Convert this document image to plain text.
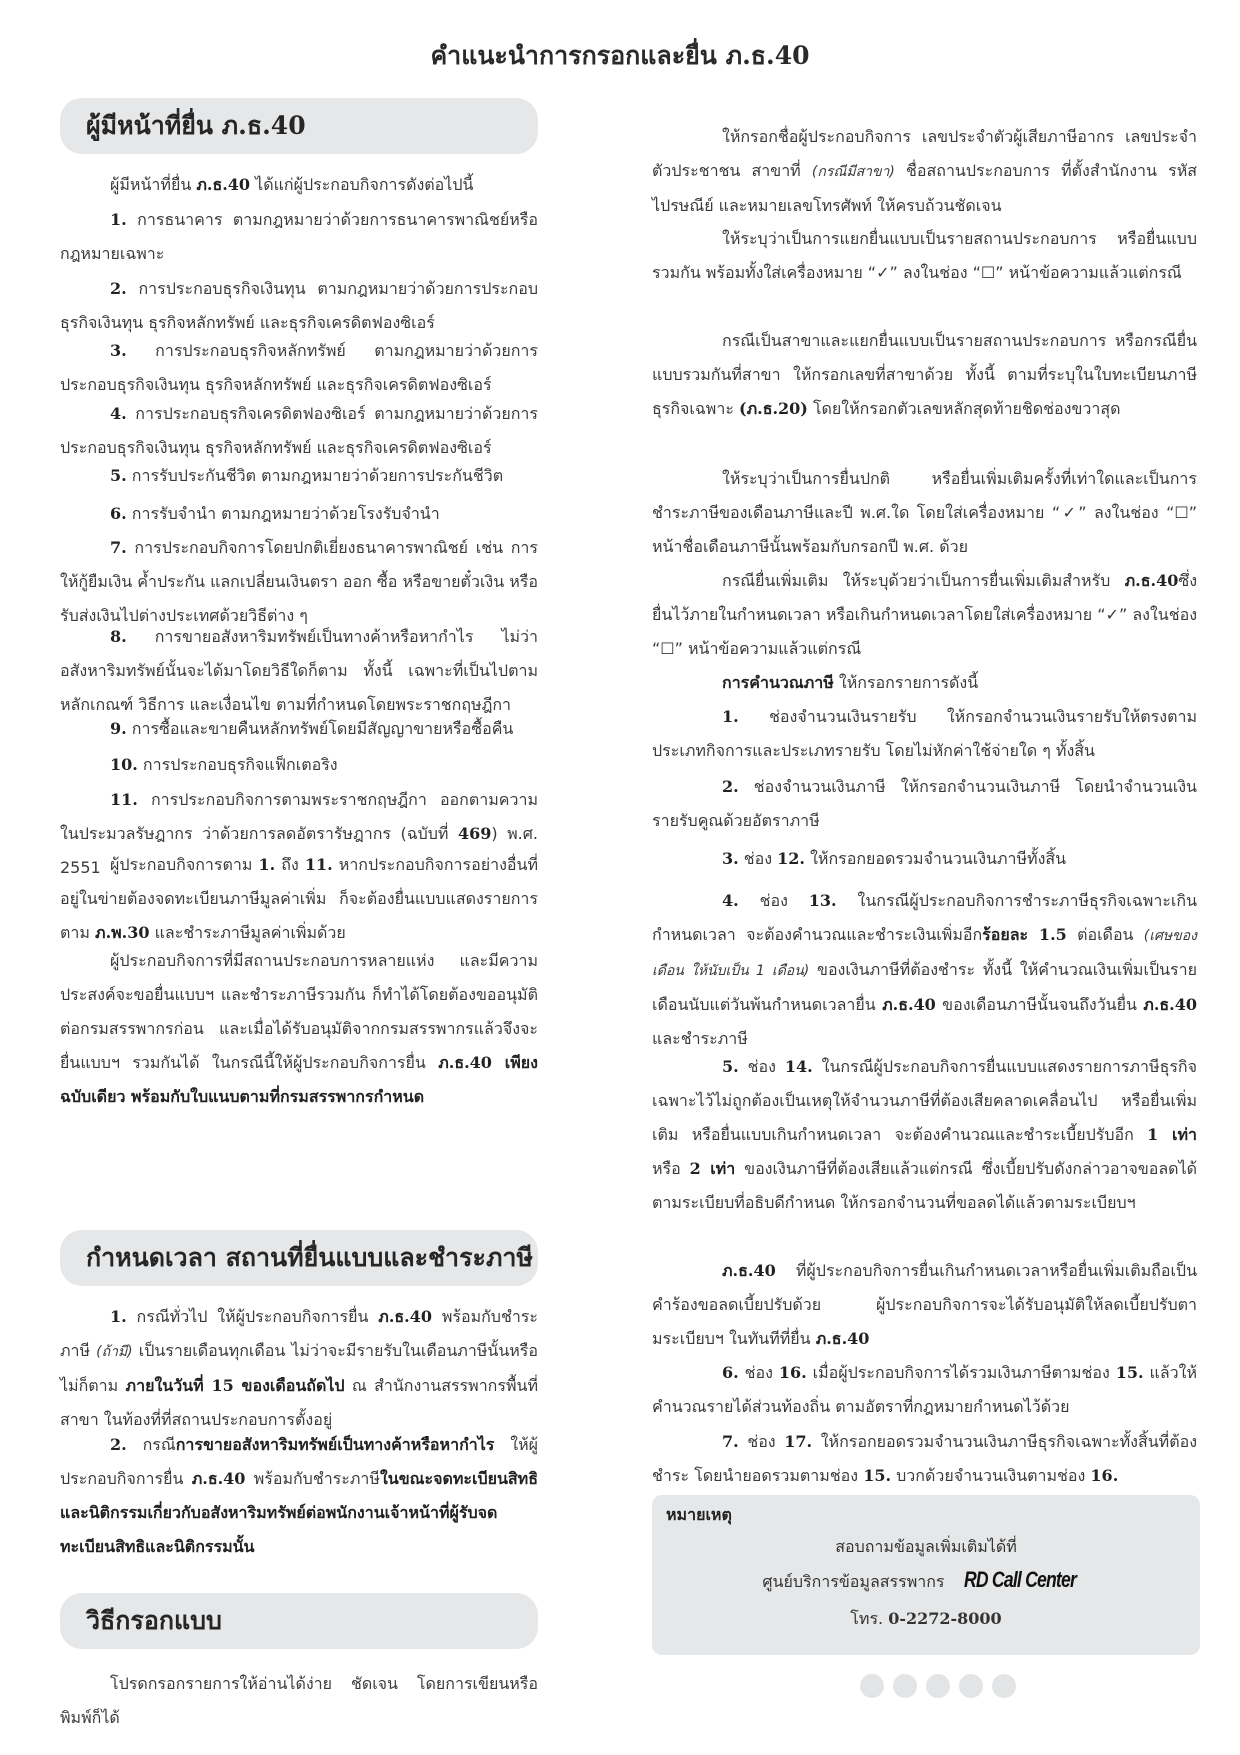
คำแนะนำการกรอกและยื่น ภ.ธ.40
ผู้มีหน้าที่ยื่น ภ.ธ.40

ผู้มีหน้าที่ยื่น ภ.ธ.40 ได้แก่ผู้ประกอบกิจการดังต่อไปนี้

1. การธนาคาร ตามกฎหมายว่าด้วยการธนาคารพาณิชย์หรือกฎหมายเฉพาะ

2. การประกอบธุรกิจเงินทุน ตามกฎหมายว่าด้วยการประกอบธุรกิจเงินทุน ธุรกิจหลักทรัพย์ และธุรกิจเครดิตฟองซิเอร์

3. การประกอบธุรกิจหลักทรัพย์ ตามกฎหมายว่าด้วยการประกอบธุรกิจเงินทุน ธุรกิจหลักทรัพย์ และธุรกิจเครดิตฟองซิเอร์

4. การประกอบธุรกิจเครดิตฟองซิเอร์ ตามกฎหมายว่าด้วยการประกอบธุรกิจเงินทุน ธุรกิจหลักทรัพย์ และธุรกิจเครดิตฟองซิเอร์

5. การรับประกันชีวิต ตามกฎหมายว่าด้วยการประกันชีวิต

6. การรับจำนำ ตามกฎหมายว่าด้วยโรงรับจำนำ

7. การประกอบกิจการโดยปกติเยี่ยงธนาคารพาณิชย์ เช่น การให้กู้ยืมเงิน ค้ำประกัน แลกเปลี่ยนเงินตรา ออก ซื้อ หรือขายตั๋วเงิน หรือรับส่งเงินไปต่างประเทศด้วยวิธีต่าง ๆ

8. การขายอสังหาริมทรัพย์เป็นทางค้าหรือหากำไร ไม่ว่าอสังหาริมทรัพย์นั้นจะได้มาโดยวิธีใดก็ตาม ทั้งนี้ เฉพาะที่เป็นไปตามหลักเกณฑ์ วิธีการ และเงื่อนไข ตามที่กำหนดโดยพระราชกฤษฎีกา

9. การซื้อและขายคืนหลักทรัพย์โดยมีสัญญาขายหรือซื้อคืน

10. การประกอบธุรกิจแฟ็กเตอริง

11. การประกอบกิจการตามพระราชกฤษฎีกา ออกตามความในประมวลรัษฎากร ว่าด้วยการลดอัตรารัษฎากร (ฉบับที่ 469) พ.ศ. 2551 ผู้ประกอบกิจการตาม 1. ถึง 11. หากประกอบกิจการอย่างอื่นที่อยู่ในข่ายต้องจดทะเบียนภาษีมูลค่าเพิ่ม ก็จะต้องยื่นแบบแสดงรายการตาม ภ.พ.30 และชำระภาษีมูลค่าเพิ่มด้วย

ผู้ประกอบกิจการที่มีสถานประกอบการหลายแห่ง และมีความประสงค์จะขอยื่นแบบฯ และชำระภาษีรวมกัน ก็ทำได้โดยต้องขออนุมัติต่อกรมสรรพากรก่อน และเมื่อได้รับอนุมัติจากกรมสรรพากรแล้วจึงจะยื่นแบบฯ รวมกันได้ ในกรณีนี้ให้ผู้ประกอบกิจการยื่น ภ.ธ.40 เพียงฉบับเดียว พร้อมกับใบแนบตามที่กรมสรรพากรกำหนด

กำหนดเวลา สถานที่ยื่นแบบและชำระภาษี

1. กรณีทั่วไป ให้ผู้ประกอบกิจการยื่น ภ.ธ.40 พร้อมกับชำระภาษี (ถ้ามี) เป็นรายเดือนทุกเดือน ไม่ว่าจะมีรายรับในเดือนภาษีนั้นหรือไม่ก็ตาม ภายในวันที่ 15 ของเดือนถัดไป ณ สำนักงานสรรพากรพื้นที่สาขา ในท้องที่ที่สถานประกอบการตั้งอยู่

2. กรณีการขายอสังหาริมทรัพย์เป็นทางค้าหรือหากำไร ให้ผู้ประกอบกิจการยื่น ภ.ธ.40 พร้อมกับชำระภาษีในขณะจดทะเบียนสิทธิและนิติกรรมเกี่ยวกับอสังหาริมทรัพย์ต่อพนักงานเจ้าหน้าที่ผู้รับจดทะเบียนสิทธิและนิติกรรมนั้น

วิธีกรอกแบบ

โปรดกรอกรายการให้อ่านได้ง่าย ชัดเจน โดยการเขียนหรือพิมพ์ก็ได้

ให้กรอกชื่อผู้ประกอบกิจการ เลขประจำตัวผู้เสียภาษีอากร เลขประจำตัวประชาชน สาขาที่ (กรณีมีสาขา) ชื่อสถานประกอบการ ที่ตั้งสำนักงาน รหัสไปรษณีย์ และหมายเลขโทรศัพท์ ให้ครบถ้วนชัดเจน

ให้ระบุว่าเป็นการแยกยื่นแบบเป็นรายสถานประกอบการ หรือยื่นแบบรวมกัน พร้อมทั้งใส่เครื่องหมาย “✓” ลงในช่อง “☐” หน้าข้อความแล้วแต่กรณี

กรณีเป็นสาขาและแยกยื่นแบบเป็นรายสถานประกอบการ หรือกรณียื่นแบบรวมกันที่สาขา ให้กรอกเลขที่สาขาด้วย ทั้งนี้ ตามที่ระบุในใบทะเบียนภาษีธุรกิจเฉพาะ (ภ.ธ.20) โดยให้กรอกตัวเลขหลักสุดท้ายชิดช่องขวาสุด

ให้ระบุว่าเป็นการยื่นปกติ หรือยื่นเพิ่มเติมครั้งที่เท่าใดและเป็นการชำระภาษีของเดือนภาษีและปี พ.ศ.ใด โดยใส่เครื่องหมาย “✓” ลงในช่อง “☐” หน้าชื่อเดือนภาษีนั้นพร้อมกับกรอกปี พ.ศ. ด้วย

กรณียื่นเพิ่มเติม ให้ระบุด้วยว่าเป็นการยื่นเพิ่มเติมสำหรับ ภ.ธ.40ซึ่งยื่นไว้ภายในกำหนดเวลา หรือเกินกำหนดเวลาโดยใส่เครื่องหมาย “✓” ลงในช่อง “☐” หน้าข้อความแล้วแต่กรณี

การคำนวณภาษี ให้กรอกรายการดังนี้

1. ช่องจำนวนเงินรายรับ ให้กรอกจำนวนเงินรายรับให้ตรงตามประเภทกิจการและประเภทรายรับ โดยไม่หักค่าใช้จ่ายใด ๆ ทั้งสิ้น

2. ช่องจำนวนเงินภาษี ให้กรอกจำนวนเงินภาษี โดยนำจำนวนเงินรายรับคูณด้วยอัตราภาษี

3. ช่อง 12. ให้กรอกยอดรวมจำนวนเงินภาษีทั้งสิ้น

4. ช่อง 13. ในกรณีผู้ประกอบกิจการชำระภาษีธุรกิจเฉพาะเกินกำหนดเวลา จะต้องคำนวณและชำระเงินเพิ่มอีกร้อยละ 1.5 ต่อเดือน (เศษของเดือน ให้นับเป็น 1 เดือน) ของเงินภาษีที่ต้องชำระ ทั้งนี้ ให้คำนวณเงินเพิ่มเป็นรายเดือนนับแต่วันพ้นกำหนดเวลายื่น ภ.ธ.40 ของเดือนภาษีนั้นจนถึงวันยื่น ภ.ธ.40 และชำระภาษี

5. ช่อง 14. ในกรณีผู้ประกอบกิจการยื่นแบบแสดงรายการภาษีธุรกิจเฉพาะไว้ไม่ถูกต้องเป็นเหตุให้จำนวนภาษีที่ต้องเสียคลาดเคลื่อนไป หรือยื่นเพิ่มเติม หรือยื่นแบบเกินกำหนดเวลา จะต้องคำนวณและชำระเบี้ยปรับอีก 1 เท่า หรือ 2 เท่า ของเงินภาษีที่ต้องเสียแล้วแต่กรณี ซึ่งเบี้ยปรับดังกล่าวอาจขอลดได้ตามระเบียบที่อธิบดีกำหนด ให้กรอกจำนวนที่ขอลดได้แล้วตามระเบียบฯ

ภ.ธ.40 ที่ผู้ประกอบกิจการยื่นเกินกำหนดเวลาหรือยื่นเพิ่มเติมถือเป็นคำร้องขอลดเบี้ยปรับด้วย ผู้ประกอบกิจการจะได้รับอนุมัติให้ลดเบี้ยปรับตามระเบียบฯ ในทันทีที่ยื่น ภ.ธ.40

6. ช่อง 16. เมื่อผู้ประกอบกิจการได้รวมเงินภาษีตามช่อง 15. แล้วให้คำนวณรายได้ส่วนท้องถิ่น ตามอัตราที่กฎหมายกำหนดไว้ด้วย

7. ช่อง 17. ให้กรอกยอดรวมจำนวนเงินภาษีธุรกิจเฉพาะทั้งสิ้นที่ต้องชำระ โดยนำยอดรวมตามช่อง 15. บวกด้วยจำนวนเงินตามช่อง 16.

หมายเหตุ
สอบถามข้อมูลเพิ่มเติมได้ที่
ศูนย์บริการข้อมูลสรรพากร RD Call Center
โทร. 0-2272-8000
